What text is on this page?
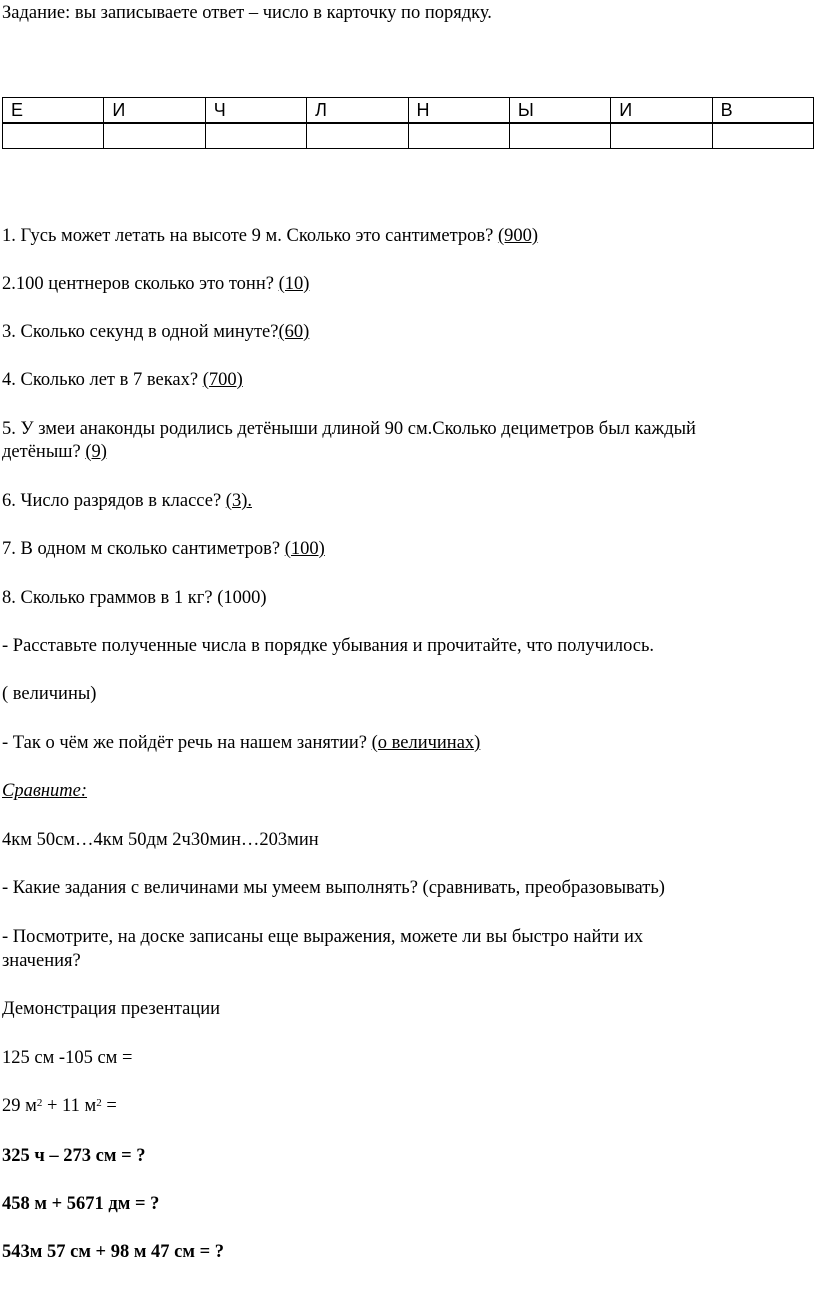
Задание: вы записываете ответ – число в карточку по порядку.
Е	И	Ч	Л	Н	Ы	И	В

1. Гусь может летать на высоте 9 м. Сколько это сантиметров? (900)
2.100 центнеров сколько это тонн? (10)
3. Сколько секунд в одной минуте?(60)
4. Сколько лет в 7 веках? (700)
5. У змеи анаконды родились детёныши длиной 90 см.Сколько дециметров был каждый
детёныш? (9)
6. Число разрядов в классе? (3).
7. В одном м сколько сантиметров? (100)
8. Сколько граммов в 1 кг? (1000)
- Расставьте полученные числа в порядке убывания и прочитайте, что получилось.
( величины)
- Так о чём же пойдёт речь на нашем занятии? (о величинах)
Сравните:
4км 50см…4км 50дм 2ч30мин…203мин
- Какие задания с величинами мы умеем выполнять? (сравнивать, преобразовывать)
- Посмотрите, на доске записаны еще выражения, можете ли вы быстро найти их
значения?
Демонстрация презентации
125 см -105 см =
29 $м^2 + 11$ $м^2$ =
325 ч – 273 см = ?
458 м + 5671 дм = ?
543м 57 см + 98 м 47 см = ?
